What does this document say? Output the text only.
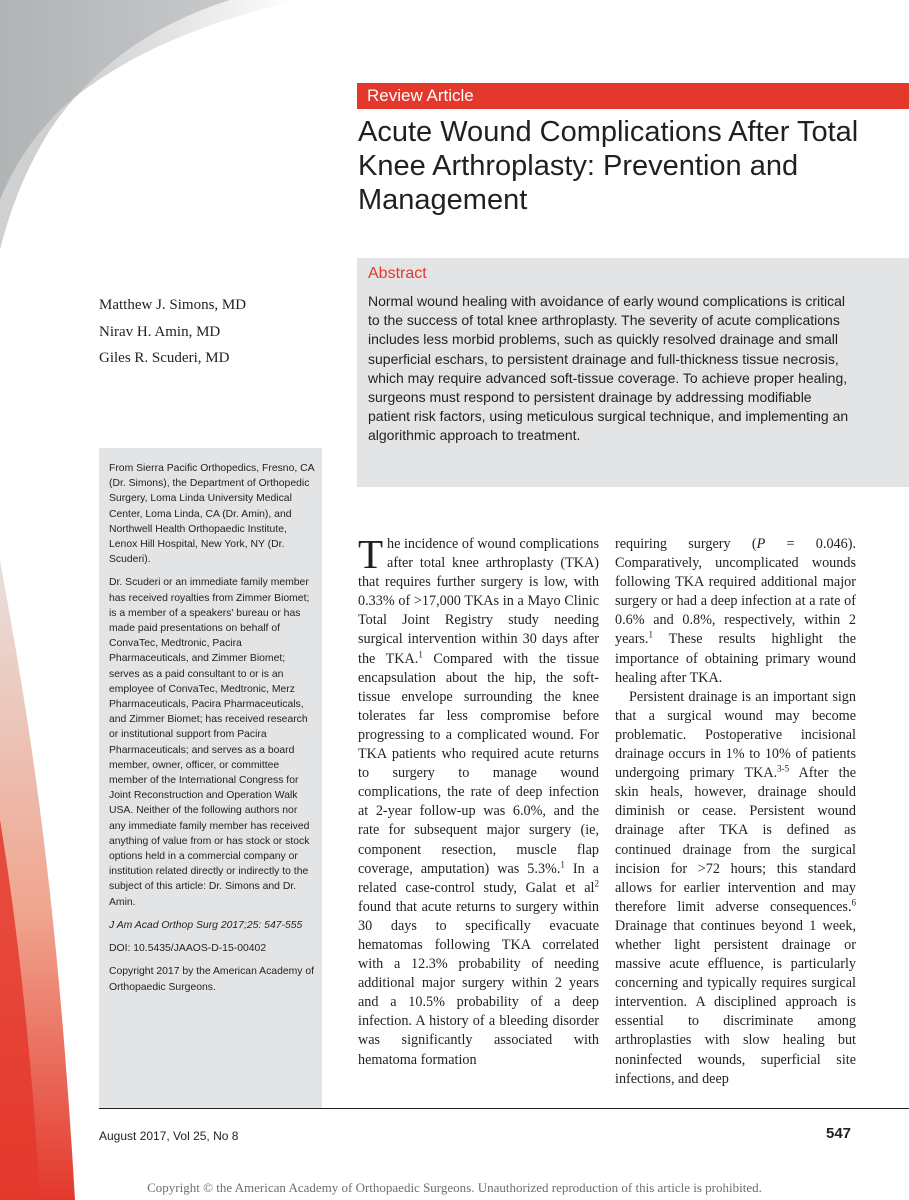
Review Article
Acute Wound Complications After Total Knee Arthroplasty: Prevention and Management
Abstract
Normal wound healing with avoidance of early wound complications is critical to the success of total knee arthroplasty. The severity of acute complications includes less morbid problems, such as quickly resolved drainage and small superficial eschars, to persistent drainage and full-thickness tissue necrosis, which may require advanced soft-tissue coverage. To achieve proper healing, surgeons must respond to persistent drainage by addressing modifiable patient risk factors, using meticulous surgical technique, and implementing an algorithmic approach to treatment.
Matthew J. Simons, MD
Nirav H. Amin, MD
Giles R. Scuderi, MD

From Sierra Pacific Orthopedics, Fresno, CA (Dr. Simons), the Department of Orthopedic Surgery, Loma Linda University Medical Center, Loma Linda, CA (Dr. Amin), and Northwell Health Orthopaedic Institute, Lenox Hill Hospital, New York, NY (Dr. Scuderi).

Dr. Scuderi or an immediate family member has received royalties from Zimmer Biomet; is a member of a speakers' bureau or has made paid presentations on behalf of ConvaTec, Medtronic, Pacira Pharmaceuticals, and Zimmer Biomet; serves as a paid consultant to or is an employee of ConvaTec, Medtronic, Merz Pharmaceuticals, Pacira Pharmaceuticals, and Zimmer Biomet; has received research or institutional support from Pacira Pharmaceuticals; and serves as a board member, owner, officer, or committee member of the International Congress for Joint Reconstruction and Operation Walk USA. Neither of the following authors nor any immediate family member has received anything of value from or has stock or stock options held in a commercial company or institution related directly or indirectly to the subject of this article: Dr. Simons and Dr. Amin.

J Am Acad Orthop Surg 2017;25: 547-555

DOI: 10.5435/JAAOS-D-15-00402

Copyright 2017 by the American Academy of Orthopaedic Surgeons.

The incidence of wound complications after total knee arthroplasty (TKA) that requires further surgery is low, with 0.33% of >17,000 TKAs in a Mayo Clinic Total Joint Registry study needing surgical intervention within 30 days after the TKA.$^1$ Compared with the tissue encapsulation about the hip, the soft-tissue envelope surrounding the knee tolerates far less compromise before progressing to a complicated wound. For TKA patients who required acute returns to surgery to manage wound complications, the rate of deep infection at 2-year follow-up was 6.0%, and the rate for subsequent major surgery (ie, component resection, muscle flap coverage, amputation) was 5.3%.$^1$ In a related case-control study, Galat et $al^2$ found that acute returns to surgery within 30 days to specifically evacuate hematomas following TKA correlated with a 12.3% probability of needing additional major surgery within 2 years and a 10.5% probability of a deep infection. A history of a bleeding disorder was significantly associated with hematoma formation

requiring surgery (P = 0.046). Comparatively, uncomplicated wounds following TKA required additional major surgery or had a deep infection at a rate of 0.6% and 0.8%, respectively, within 2 years.$^1$ These results highlight the importance of obtaining primary wound healing after TKA.

Persistent drainage is an important sign that a surgical wound may become problematic. Postoperative incisional drainage occurs in 1% to 10% of patients undergoing primary TKA.$^{3-5}$ After the skin heals, however, drainage should diminish or cease. Persistent wound drainage after TKA is defined as continued drainage from the surgical incision for >72 hours; this standard allows for earlier intervention and may therefore limit adverse consequences.$^6$ Drainage that continues beyond 1 week, whether light persistent drainage or massive acute effluence, is particularly concerning and typically requires surgical intervention. A disciplined approach is essential to discriminate among arthroplasties with slow healing but noninfected wounds, superficial site infections, and deep

August 2017, Vol 25, No 8	547
Copyright © the American Academy of Orthopaedic Surgeons. Unauthorized reproduction of this article is prohibited.
